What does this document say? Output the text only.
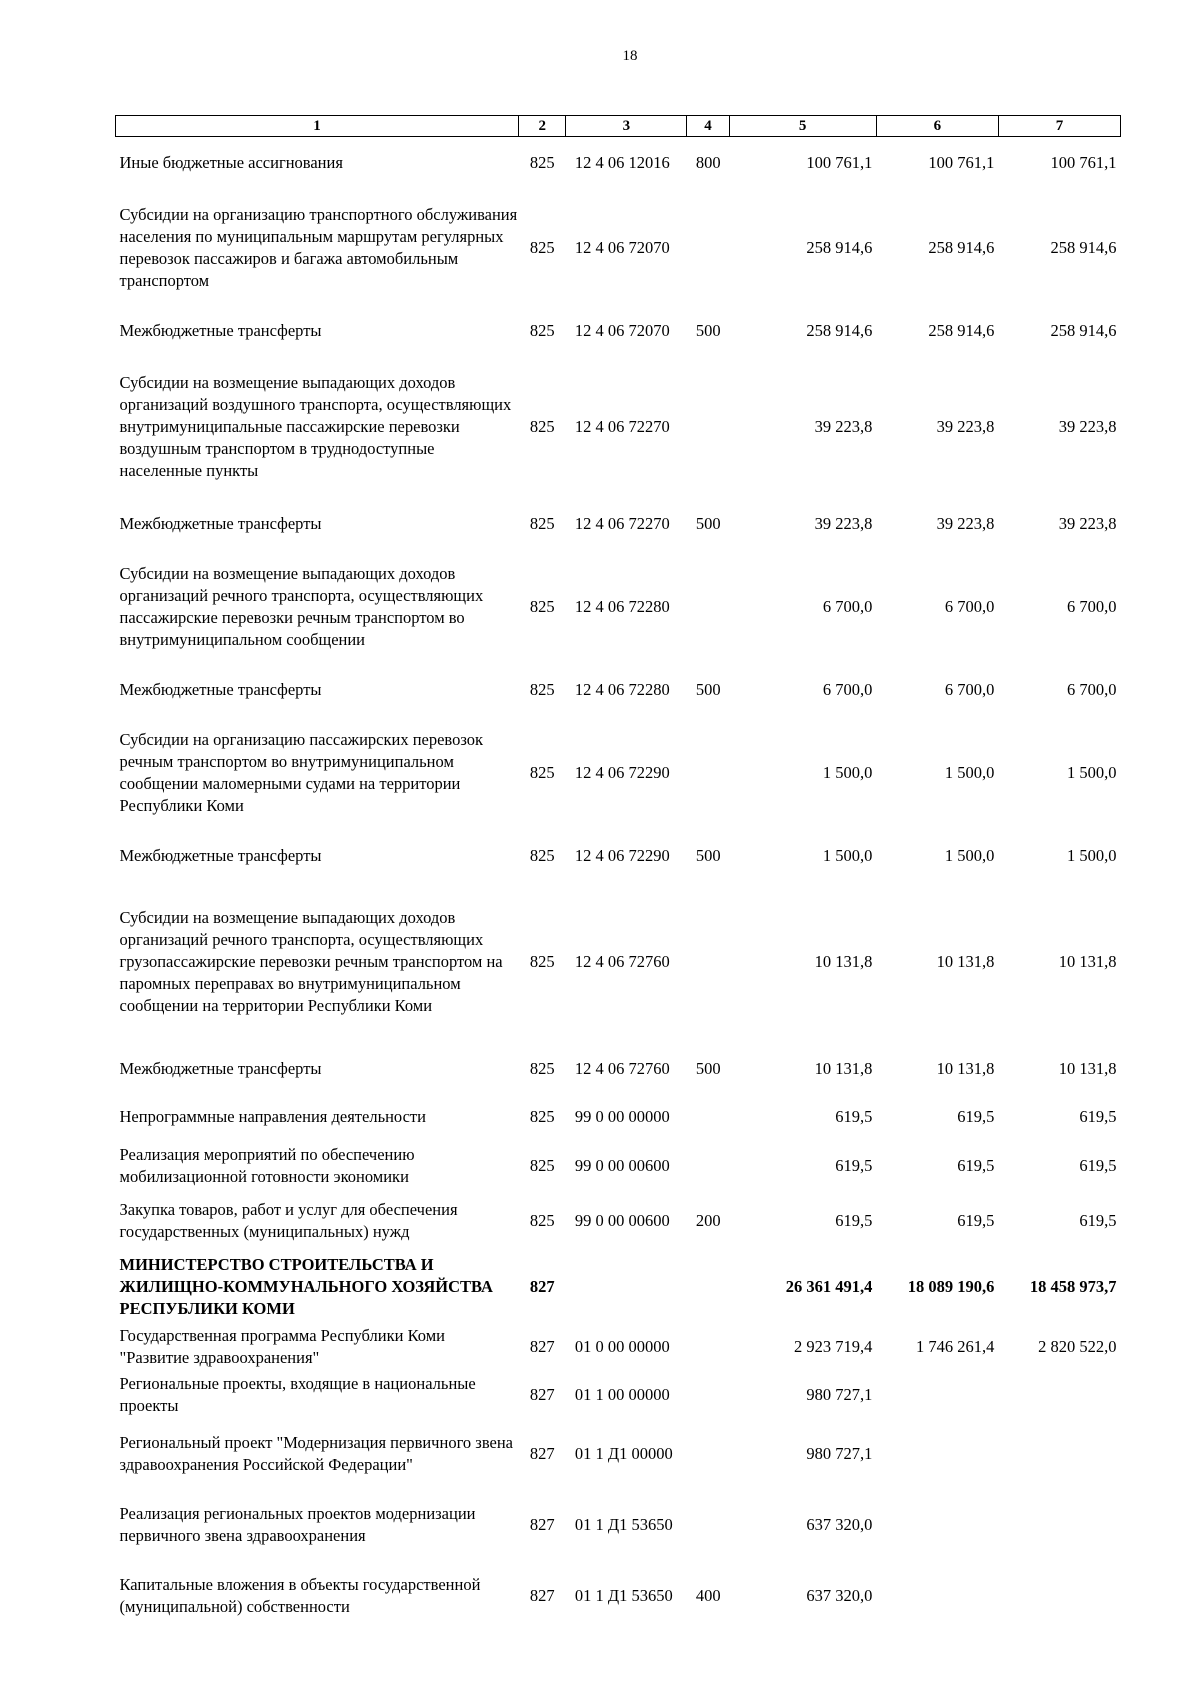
18
1	2	3	4	5	6	7
Иные бюджетные ассигнования	825	12 4 06 12016	800	100 761,1	100 761,1	100 761,1
Субсидии на организацию транспортного обслуживания населения по муниципальным маршрутам регулярных перевозок пассажиров и багажа автомобильным транспортом	825	12 4 06 72070		258 914,6	258 914,6	258 914,6
Межбюджетные трансферты	825	12 4 06 72070	500	258 914,6	258 914,6	258 914,6
Субсидии на возмещение выпадающих доходов организаций воздушного транспорта, осуществляющих внутримуниципальные пассажирские перевозки воздушным транспортом в труднодоступные населенные пункты	825	12 4 06 72270		39 223,8	39 223,8	39 223,8
Межбюджетные трансферты	825	12 4 06 72270	500	39 223,8	39 223,8	39 223,8
Субсидии на возмещение выпадающих доходов организаций речного транспорта, осуществляющих пассажирские перевозки речным транспортом во внутримуниципальном сообщении	825	12 4 06 72280		6 700,0	6 700,0	6 700,0
Межбюджетные трансферты	825	12 4 06 72280	500	6 700,0	6 700,0	6 700,0
Субсидии на организацию пассажирских перевозок речным транспортом во внутримуниципальном сообщении маломерными судами на территории Республики Коми	825	12 4 06 72290		1 500,0	1 500,0	1 500,0
Межбюджетные трансферты	825	12 4 06 72290	500	1 500,0	1 500,0	1 500,0
Субсидии на возмещение выпадающих доходов организаций речного транспорта, осуществляющих грузопассажирские перевозки речным транспортом на паромных переправах во внутримуниципальном сообщении на территории Республики Коми	825	12 4 06 72760		10 131,8	10 131,8	10 131,8
Межбюджетные трансферты	825	12 4 06 72760	500	10 131,8	10 131,8	10 131,8
Непрограммные направления деятельности	825	99 0 00 00000		619,5	619,5	619,5
Реализация мероприятий по обеспечению мобилизационной готовности экономики	825	99 0 00 00600		619,5	619,5	619,5
Закупка товаров, работ и услуг для обеспечения государственных (муниципальных) нужд	825	99 0 00 00600	200	619,5	619,5	619,5
МИНИСТЕРСТВО СТРОИТЕЛЬСТВА И ЖИЛИЩНО-КОММУНАЛЬНОГО ХОЗЯЙСТВА РЕСПУБЛИКИ КОМИ	827			26 361 491,4	18 089 190,6	18 458 973,7
Государственная программа Республики Коми "Развитие здравоохранения"	827	01 0 00 00000		2 923 719,4	1 746 261,4	2 820 522,0
Региональные проекты, входящие в национальные проекты	827	01 1 00 00000		980 727,1		
Региональный проект "Модернизация первичного звена здравоохранения Российской Федерации"	827	01 1 Д1 00000		980 727,1		
Реализация региональных проектов модернизации первичного звена здравоохранения	827	01 1 Д1 53650		637 320,0		
Капитальные вложения в объекты государственной (муниципальной) собственности	827	01 1 Д1 53650	400	637 320,0		
